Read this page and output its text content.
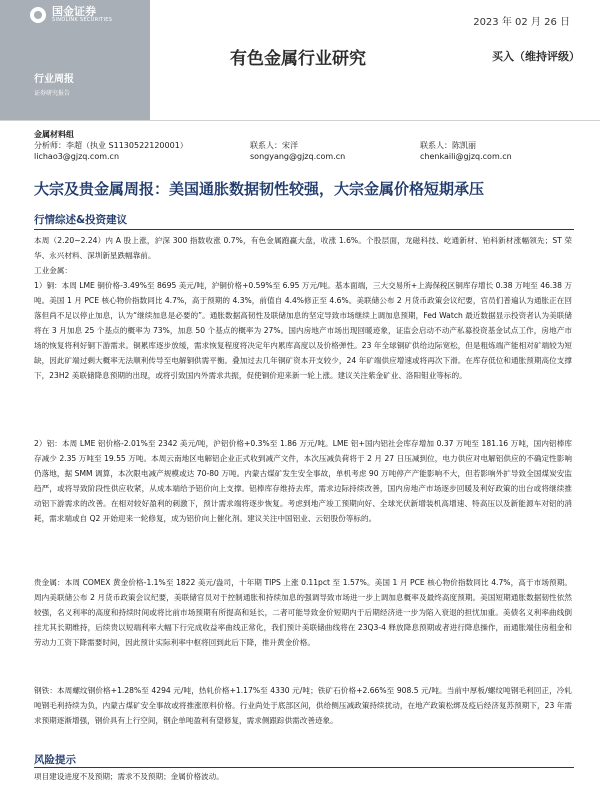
国金证券
SINOLINK SECURITIES	2023 年 02 月 26 日
有色金属行业研究	买入（维持评级）
行业周报
证券研究报告
金属材料组
分析师：李超（执业 S1130522120001）	联系人：宋洋	联系人：陈凯丽
lichao3@gjzq.com.cn	songyang@gjzq.com.cn	chenkaili@gjzq.com.cn
大宗及贵金属周报：美国通胀数据韧性较强，大宗金属价格短期承压
行情综述&投资建议
本周（2.20~2.24）内 A 股上涨，沪深 300 指数收涨 0.7%，有色金属跑赢大盘，收涨 1.6%。个股层面，龙磁科技、屹通新材、铂科新材涨幅领先；ST 荣华、永兴材料、深圳新星跌幅靠前。
工业金属：
1）铜：本周 LME 铜价格-3.49%至 8695 美元/吨，沪铜价格+0.59%至 6.95 万元/吨。基本面端，三大交易所+上海保税区铜库存增长 0.38 万吨至 46.38 万吨。美国 1 月 PCE 核心物价指数同比 4.7%，高于预期的 4.3%，前值自 4.4%修正至 4.6%。美联储公布 2 月货币政策会议纪要，官员们普遍认为通胀正在回落但尚不足以停止加息，认为“继续加息是必要的”。通胀数据高韧性及联储加息的坚定导致市场继续上调加息预期，Fed Watch 最近数据显示投资者认为美联储将在 3 月加息 25 个基点的概率为 73%，加息 50 个基点的概率为 27%。国内房地产市场出现回暖迹象，证监会启动不动产私募投资基金试点工作，房地产市场的恢复将利好铜下游需求。铜累库逐步放缓，需求恢复程度将决定年内累库高度以及价格弹性。23 年全球铜矿供给边际宽松，但是粗炼端产能相对矿端较为短缺，因此矿端过剩大概率无法顺利传导至电解铜供需平衡。叠加过去几年铜矿资本开支较少，24 年矿端供应增速或将再次下滑。在库存低位和通胀预期高位支撑下，23H2 美联储降息预期的出现，或将引致国内外需求共振，促使铜价迎来新一轮上涨。建议关注紫金矿业、洛阳钼业等标的。
2）铝：本周 LME 铝价格-2.01%至 2342 美元/吨，沪铝价格+0.3%至 1.86 万元/吨。LME 铝+国内铝社会库存增加 0.37 万吨至 181.16 万吨，国内铝棒库存减少 2.35 万吨至 19.55 万吨。本周云南地区电解铝企业正式收到减产文件，本次压减负荷将于 2 月 27 日压减到位，电力供应对电解铝供应的不确定性影响仍落地，据 SMM 调算，本次限电减产规模或达 70-80 万吨。内蒙古煤矿发生安全事故，单机考虑 90 万吨停产产能影响不大，但若影响外扩导致全国煤炭安监趋严，或将导致阶段性供应收紧，从成本端给予铝价向上支撑。铝棒库存维持去库，需求边际持续改善，国内房地产市场逐步回暖及利好政策的出台或将继续推动铝下游需求的改善。在相对较好盈利的刺激下，预计需求端将逐步恢复。考虑到地产竣工预期向好、全球光伏新增装机高增速、特高压以及新能源车对铝的消耗，需求端或自 Q2 开始迎来一轮修复，成为铝价向上催化剂。建议关注中国铝业、云铝股份等标的。
贵金属：本周 COMEX 黄金价格-1.1%至 1822 美元/盎司，十年期 TIPS 上涨 0.11pct 至 1.57%。美国 1 月 PCE 核心物价指数同比 4.7%，高于市场预期。周内美联储公布 2 月货币政策会议纪要，美联储官员对于控制通胀和持续加息的强调导致市场进一步上调加息概率及最终高度预期。美国短期通胀数据韧性依然较强，名义利率的高度和持续时间或将比前市场预期有所提高和延长，二者可能导致金价短期内于后期经济进一步为陷入衰退的担忧加重。美债名义利率曲线倒挂尤其长期维持，后续贵以短端利率大幅下行完成收益率曲线正常化，我们预计美联储曲线将在 23Q3-4 释放降息预期或者进行降息操作，而通胀端住房租金和劳动力工资下降需要时间，因此预计实际利率中枢将回到此后下降，推升黄金价格。
钢铁：本周螺纹钢价格+1.28%至 4294 元/吨，热轧价格+1.17%至 4330 元/吨；铁矿石价格+2.66%至 908.5 元/吨。当前中厚板/螺纹吨钢毛利回正，冷轧吨钢毛利持续为负，内蒙古煤矿安全事故或将推涨原料价格。行业尚处于底部区间，供给侧压减政策持续扰动，在地产政策松绑及疫后经济复苏预期下，23 年需求预期逐渐增强，钢价具有上行空间，钢企单吨盈利有望修复，需求侧跟踪供需改善迹象。
风险提示
项目建设进度不及预期；需求不及预期；金属价格波动。
